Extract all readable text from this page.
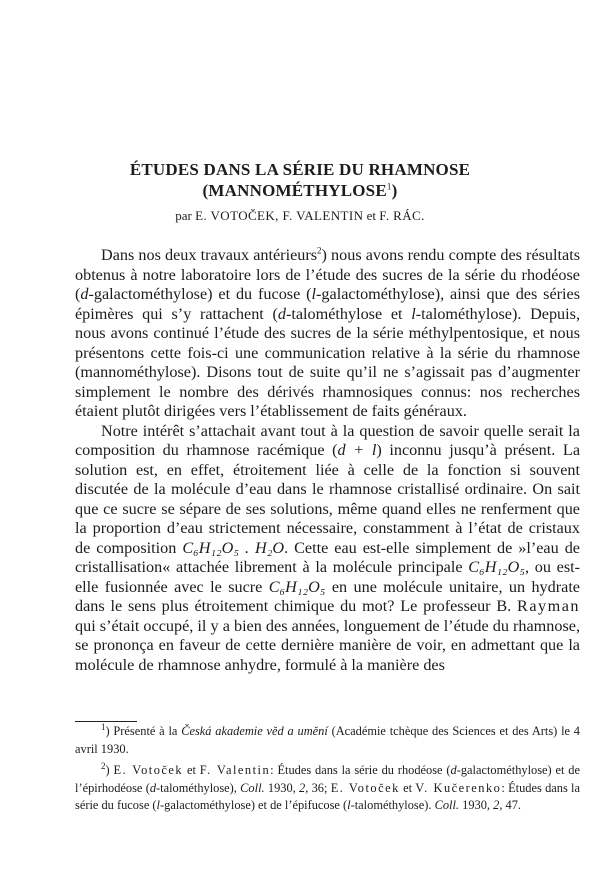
ÉTUDES DANS LA SÉRIE DU RHAMNOSE
(MANNOMÉTHYLOSE$^1$)
par E. VOTOČEK, F. VALENTIN et F. RÁC.

Dans nos deux travaux antérieurs$^2$) nous avons rendu compte des résultats obtenus à notre laboratoire lors de l’étude des sucres de la série du rhodéose (d-galactométhylose) et du fucose (l-galactométhylose), ainsi que des séries épimères qui s’y rattachent (d-talométhylose et l-talométhylose). Depuis, nous avons continué l’étude des sucres de la série méthylpentosique, et nous présentons cette fois-ci une communication relative à la série du rhamnose (mannométhylose). Disons tout de suite qu’il ne s’agissait pas d’augmenter simplement le nombre des dérivés rhamnosiques connus: nos recherches étaient plutôt dirigées vers l’établissement de faits généraux.

Notre intérêt s’attachait avant tout à la question de savoir quelle serait la composition du rhamnose racémique (d + l) inconnu jusqu’à présent. La solution est, en effet, étroitement liée à celle de la fonction si souvent discutée de la molécule d’eau dans le rhamnose cristallisé ordinaire. On sait que ce sucre se sépare de ses solutions, même quand elles ne renferment que la proportion d’eau strictement nécessaire, constamment à l’état de cristaux de composition C₆H₁₂O₅ . H₂O. Cette eau est-elle simplement de »l’eau de cristallisation« attachée librement à la molécule principale C₆H₁₂O₅, ou est-elle fusionnée avec le sucre C₆H₁₂O₅ en une molécule unitaire, un hydrate dans le sens plus étroitement chimique du mot? Le professeur B. Rayman qui s’était occupé, il y a bien des années, longuement de l’étude du rhamnose, se prononça en faveur de cette dernière manière de voir, en admettant que la molécule de rhamnose anhydre, formulé à la manière des

$^1$) Présenté à la Česká akademie věd a umění (Académie tchèque des Sciences et des Arts) le 4 avril 1930.

$^2$) E. Votoček et F. Valentin: Études dans la série du rhodéose (d-galactométhylose) et de l’épirhodéose (d-talométhylose), Coll. 1930, 2, 36; E. Votoček et V. Kučerenko: Études dans la série du fucose (l-galactométhylose) et de l’épifucose (l-talométhylose). Coll. 1930, 2, 47.
